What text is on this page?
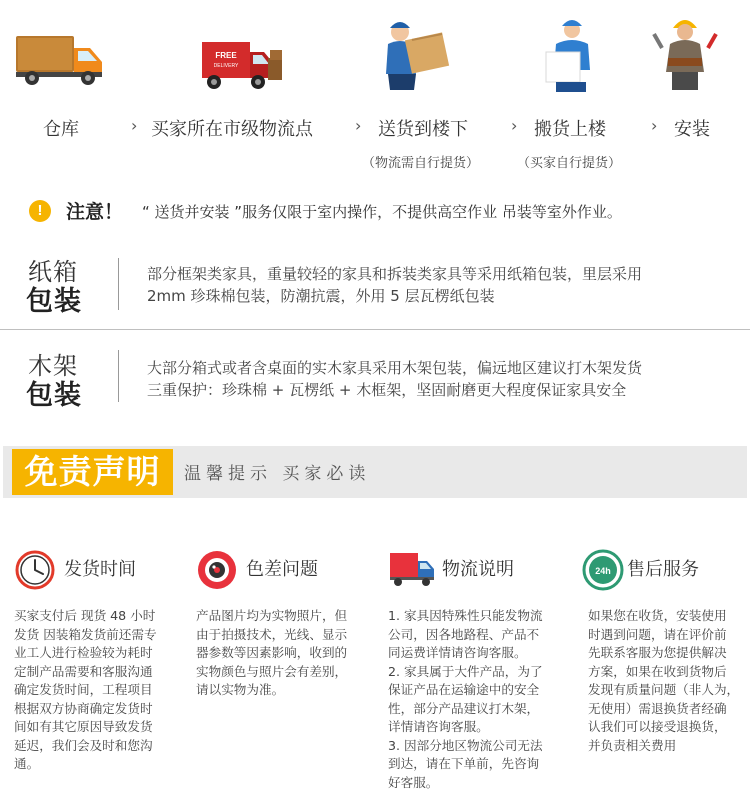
FREE
DELIVERY
仓库	› 买家所在市级物流点	› 送货到楼下	› 搬货上楼	› 安装
（物流需自行提货）	（买家自行提货）
!	注意！ “ 送货并安装 ”服务仅限于室内操作，不提供高空作业 吊装等室外作业。
纸箱
包装
部分框架类家具，重量较轻的家具和拆装类家具等采用纸箱包装，里层采用
2mm 珍珠棉包装，防潮抗震，外用 5 层瓦楞纸包装
木架
包装
大部分箱式或者含桌面的实木家具采用木架包装，偏远地区建议打木架发货
三重保护：珍珠棉 + 瓦楞纸 + 木框架，坚固耐磨更大程度保证家具安全
免责声明	温馨提示 买家必读
发货时间

买家支付后 现货 48 小时

发货 因装箱发货前还需专

业工人进行检验较为耗时

定制产品需要和客服沟通

确定发货时间，工程项目

根据双方协商确定发货时

间如有其它原因导致发货

延迟，我们会及时和您沟

通。

色差问题

产品图片均为实物照片，但

由于拍摄技术，光线、显示

器参数等因素影响，收到的

实物颜色与照片会有差别，

请以实物为准。

物流说明

1. 家具因特殊性只能发物流

公司，因各地路程、产品不

同运费详情请咨询客服。

2. 家具属于大件产品，为了

保证产品在运输途中的安全

性，部分产品建议打木架，

详情请咨询客服。

3. 因部分地区物流公司无法

到达，请在下单前，先咨询

好客服。

24h 售后服务

如果您在收货，安装使用

时遇到问题，请在评价前

先联系客服为您提供解决

方案，如果在收到货物后

发现有质量问题（非人为，

无使用）需退换货者经确

认我们可以接受退换货，

并负责相关费用
